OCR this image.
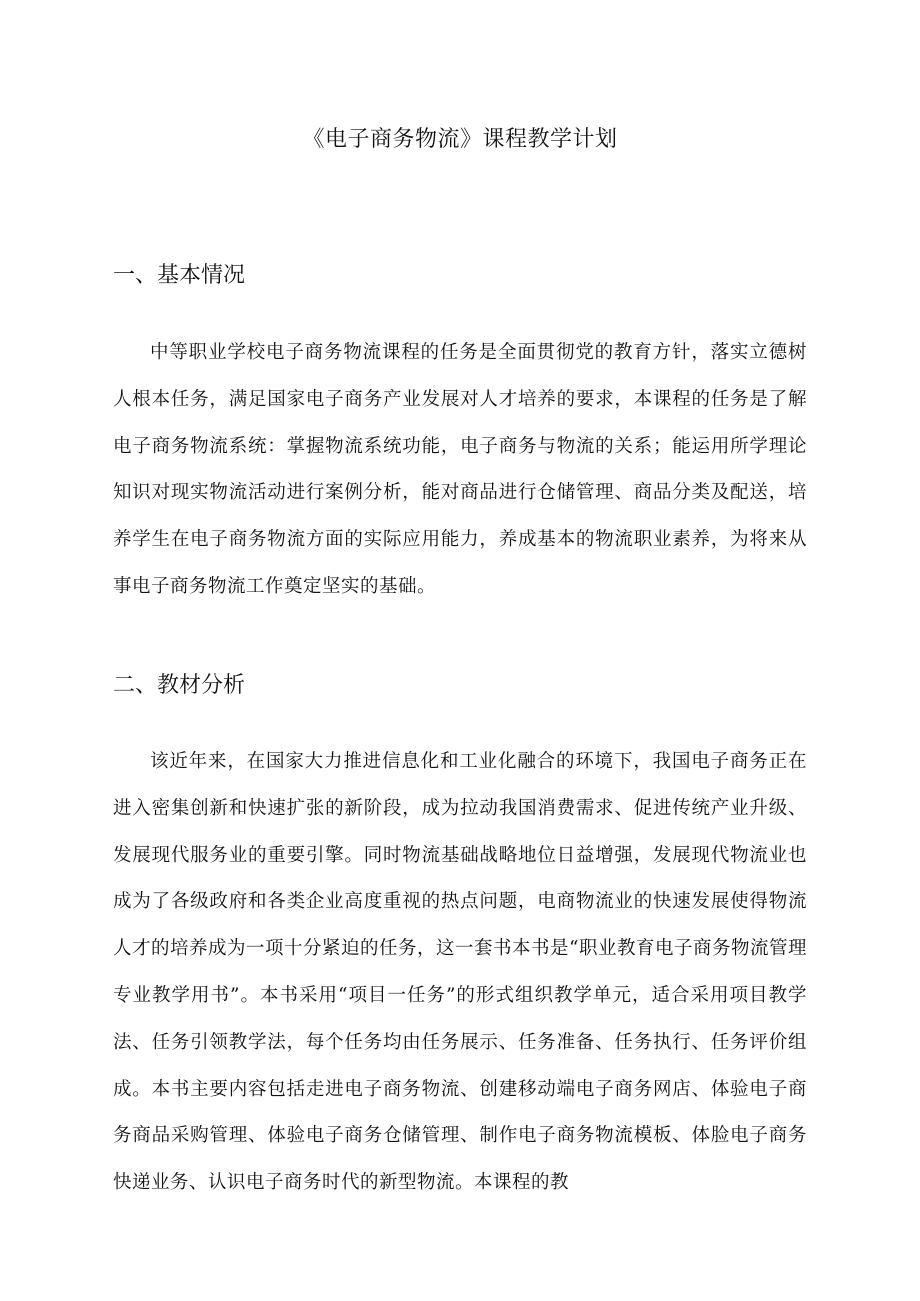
《电子商务物流》课程教学计划
一、基本情况

中等职业学校电子商务物流课程的任务是全面贯彻党的教育方针，落实立德树人根本任务，满足国家电子商务产业发展对人才培养的要求，本课程的任务是了解电子商务物流系统：掌握物流系统功能，电子商务与物流的关系；能运用所学理论知识对现实物流活动进行案例分析，能对商品进行仓储管理、商品分类及配送，培养学生在电子商务物流方面的实际应用能力，养成基本的物流职业素养，为将来从事电子商务物流工作奠定坚实的基础。

二、教材分析

该近年来，在国家大力推进信息化和工业化融合的环境下，我国电子商务正在进入密集创新和快速扩张的新阶段，成为拉动我国消费需求、促进传统产业升级、发展现代服务业的重要引擎。同时物流基础战略地位日益增强，发展现代物流业也成为了各级政府和各类企业高度重视的热点问题，电商物流业的快速发展使得物流人才的培养成为一项十分紧迫的任务，这一套书本书是“职业教育电子商务物流管理专业教学用书”。本书采用“项目一任务”的形式组织教学单元，适合采用项目教学法、任务引领教学法，每个任务均由任务展示、任务准备、任务执行、任务评价组成。本书主要内容包括走进电子商务物流、创建移动端电子商务网店、体验电子商务商品采购管理、体验电子商务仓储管理、制作电子商务物流模板、体脸电子商务快递业务、认识电子商务时代的新型物流。本课程的教
